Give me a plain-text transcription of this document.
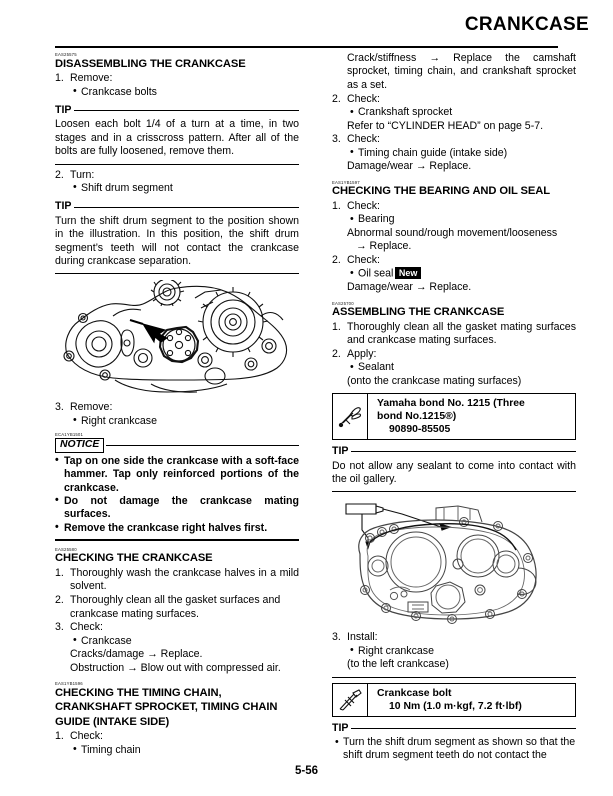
CRANKCASE
EAS25575
DISASSEMBLING THE CRANKCASE
1. Remove:
• Crankcase bolts
TIP
Loosen each bolt 1/4 of a turn at a time, in two stages and in a crisscross pattern. After all of the bolts are fully loosened, remove them.
2. Turn:
• Shift drum segment
TIP
Turn the shift drum segment to the position shown in the illustration. In this position, the shift drum segment’s teeth will not contact the crankcase during crankcase separation.
3. Remove:
• Right crankcase
ECA1YB1501
NOTICE
• Tap on one side the crankcase with a soft-face hammer. Tap only reinforced portions of the crankcase.
• Do not damage the crankcase mating surfaces.
• Remove the crankcase right halves first.
EAS25580
CHECKING THE CRANKCASE
1. Thoroughly wash the crankcase halves in a mild solvent.
2. Thoroughly clean all the gasket surfaces and crankcase mating surfaces.
3. Check:
• Crankcase
Cracks/damage → Replace.
Obstruction → Blow out with compressed air.
EAS1YB1596
CHECKING THE TIMING CHAIN,
CRANKSHAFT SPROCKET, TIMING CHAIN
GUIDE (INTAKE SIDE)
1. Check:
• Timing chain
Crack/stiffness → Replace the camshaft sprocket, timing chain, and crankshaft sprocket as a set.
2. Check:
• Crankshaft sprocket
Refer to “CYLINDER HEAD” on page 5-7.
3. Check:
• Timing chain guide (intake side)
Damage/wear → Replace.
EAS1YB1597
CHECKING THE BEARING AND OIL SEAL
1. Check:
• Bearing
Abnormal sound/rough movement/looseness
→ Replace.
2. Check:
• Oil seal New
Damage/wear → Replace.
EAS25700
ASSEMBLING THE CRANKCASE
1. Thoroughly clean all the gasket mating surfaces and crankcase mating surfaces.
2. Apply:
• Sealant
(onto the crankcase mating surfaces)
Yamaha bond No. 1215 (Three
bond No.1215®)
90890-85505
TIP
Do not allow any sealant to come into contact with the oil gallery.
3. Install:
• Right crankcase
(to the left crankcase)
Crankcase bolt
10 Nm (1.0 m·kgf, 7.2 ft·lbf)
TIP
• Turn the shift drum segment as shown so that the shift drum segment teeth do not contact the
5-56
